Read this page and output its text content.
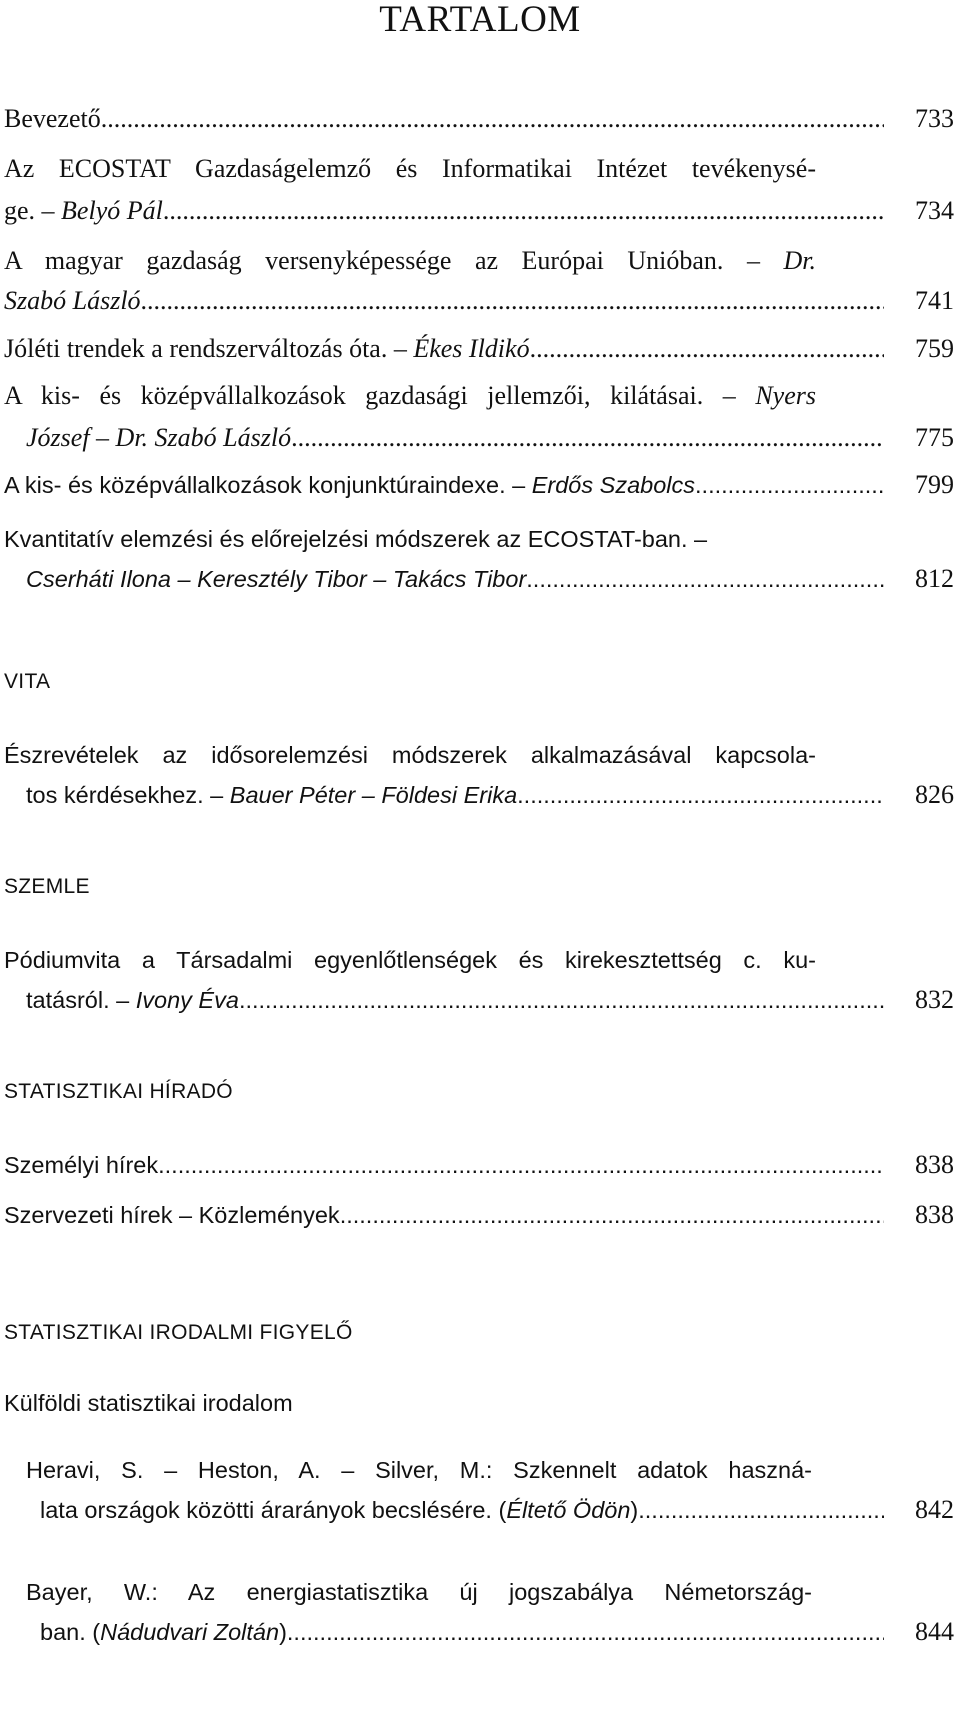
TARTALOM
Bevezető .....	733
Az ECOSTAT Gazdaságelemző és Informatikai Intézet tevékenysé-
ge. – Belyó Pál .....	734
A magyar gazdaság versenyképessége az Európai Unióban. – Dr.
Szabó László .....	741
Jóléti trendek a rendszerváltozás óta. – Ékes Ildikó .....	759
A kis- és középvállalkozások gazdasági jellemzői, kilátásai. – Nyers
József – Dr. Szabó László .....	775
A kis- és középvállalkozások konjunktúraindexe. – Erdős Szabolcs .....	799
Kvantitatív elemzési és előrejelzési módszerek az ECOSTAT-ban. –
Cserháti Ilona – Keresztély Tibor – Takács Tibor .....	812
VITA
Észrevételek az idősorelemzési módszerek alkalmazásával kapcsola-
tos kérdésekhez. – Bauer Péter – Földesi Erika .....	826
SZEMLE
Pódiumvita a Társadalmi egyenlőtlenségek és kirekesztettség c. ku-
tatásról. – Ivony Éva .....	832
STATISZTIKAI HÍRADÓ
Személyi hírek .....	838
Szervezeti hírek – Közlemények .....	838
STATISZTIKAI IRODALMI FIGYELŐ
Külföldi statisztikai irodalom
Heravi, S. – Heston, A. – Silver, M.: Szkennelt adatok haszná-
lata országok közötti árarányok becslésére. (Éltető Ödön) .....	842
Bayer, W.: Az energiastatisztika új jogszabálya Németország-
ban. (Nádudvari Zoltán) .....	844
